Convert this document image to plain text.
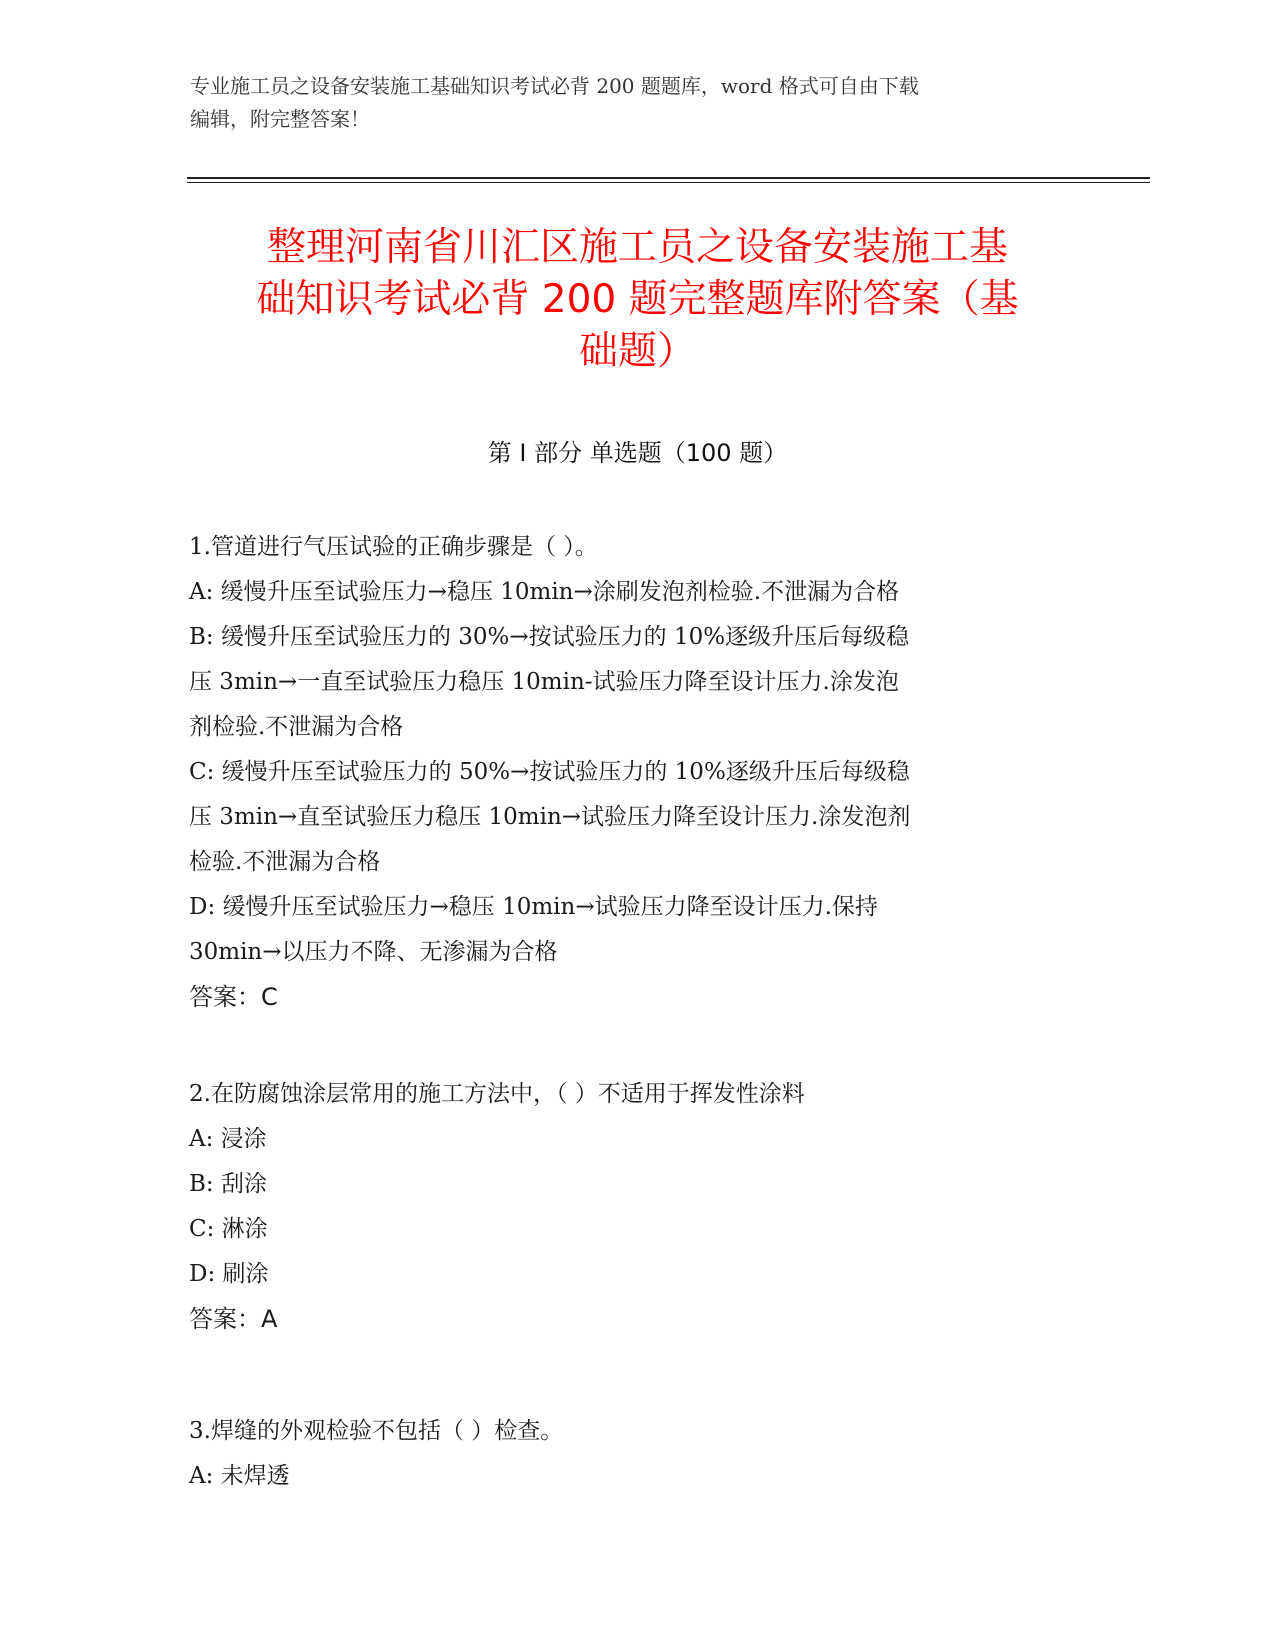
专业施工员之设备安装施工基础知识考试必背 200 题题库，word 格式可自由下载
编辑，附完整答案！
整理河南省川汇区施工员之设备安装施工基
础知识考试必背 200 题完整题库附答案（基
础题）
第 I 部分 单选题（100 题）
1.管道进行气压试验的正确步骤是（ ）。
A: 缓慢升压至试验压力→稳压 10min→涂刷发泡剂检验.不泄漏为合格
B: 缓慢升压至试验压力的 30%→按试验压力的 10%逐级升压后每级稳
压 3min→一直至试验压力稳压 10min-试验压力降至设计压力.涂发泡
剂检验.不泄漏为合格
C: 缓慢升压至试验压力的 50%→按试验压力的 10%逐级升压后每级稳
压 3min→直至试验压力稳压 10min→试验压力降至设计压力.涂发泡剂
检验.不泄漏为合格
D: 缓慢升压至试验压力→稳压 10min→试验压力降至设计压力.保持
30min→以压力不降、无渗漏为合格
答案：C
2.在防腐蚀涂层常用的施工方法中，（ ）不适用于挥发性涂料
A: 浸涂
B: 刮涂
C: 淋涂
D: 刷涂
答案：A
3.焊缝的外观检验不包括（ ）检查。
A: 未焊透
